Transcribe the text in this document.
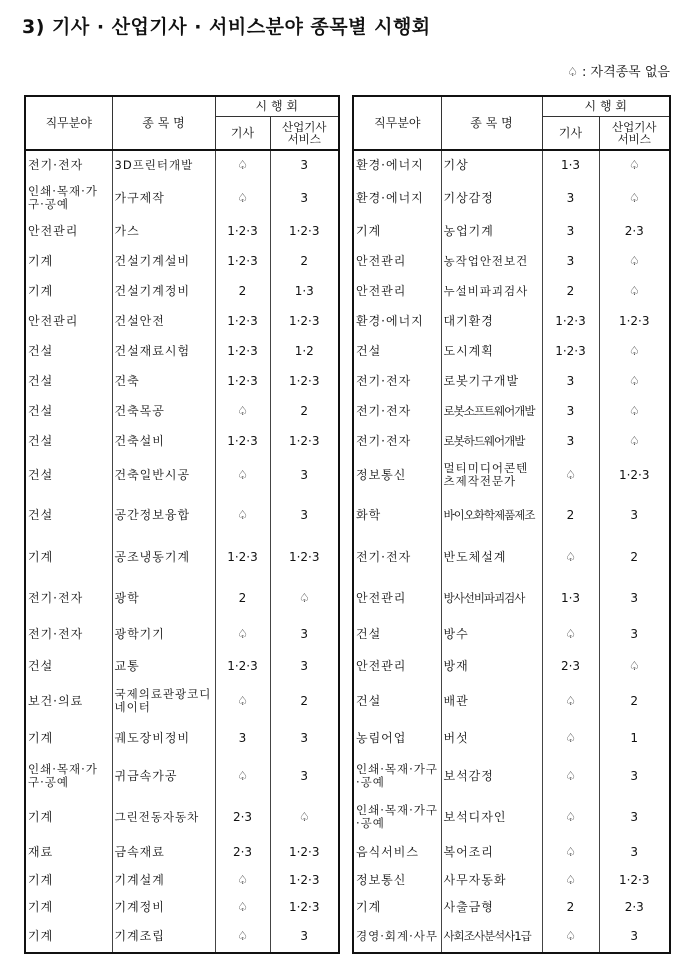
3) 기사 · 산업기사 · 서비스분야 종목별 시행회
♤ : 자격종목 없음
직무분야	종 목 명	시 행 회	
		기사	산업기사
서비스
전기·전자	3D프린터개발	♤	3
인쇄·목재·가구·공예	가구제작	♤	3
안전관리	가스	1·2·3	1·2·3
기계	건설기계설비	1·2·3	2
기계	건설기계정비	2	1·3
안전관리	건설안전	1·2·3	1·2·3
건설	건설재료시험	1·2·3	1·2
건설	건축	1·2·3	1·2·3
건설	건축목공	♤	2
건설	건축설비	1·2·3	1·2·3
건설	건축일반시공	♤	3
건설	공간정보융합	♤	3
기계	공조냉동기계	1·2·3	1·2·3
전기·전자	광학	2	♤
전기·전자	광학기기	♤	3
건설	교통	1·2·3	3
보건·의료	국제의료관광코디네이터	♤	2
기계	궤도장비정비	3	3
인쇄·목재·가구·공예	귀금속가공	♤	3
기계	그린전동자동차	2·3	♤
재료	금속재료	2·3	1·2·3
기계	기계설계	♤	1·2·3
기계	기계정비	♤	1·2·3
기계	기계조립	♤	3
직무분야	종 목 명	시 행 회	
		기사	산업기사
서비스
환경·에너지	기상	1·3	♤
환경·에너지	기상감정	3	♤
기계	농업기계	3	2·3
안전관리	농작업안전보건	3	♤
안전관리	누설비파괴검사	2	♤
환경·에너지	대기환경	1·2·3	1·2·3
건설	도시계획	1·2·3	♤
전기·전자	로봇기구개발	3	♤
전기·전자	로봇소프트웨어개발	3	♤
전기·전자	로봇하드웨어개발	3	♤
정보통신	멀티미디어콘텐츠제작전문가	♤	1·2·3
화학	바이오화학제품제조	2	3
전기·전자	반도체설계	♤	2
안전관리	방사선비파괴검사	1·3	3
건설	방수	♤	3
안전관리	방재	2·3	♤
건설	배관	♤	2
농림어업	버섯	♤	1
인쇄·목재·가구·공예	보석감정	♤	3
인쇄·목재·가구·공예	보석디자인	♤	3
음식서비스	복어조리	♤	3
정보통신	사무자동화	♤	1·2·3
기계	사출금형	2	2·3
경영·회계·사무	사회조사분석사1급	♤	3
